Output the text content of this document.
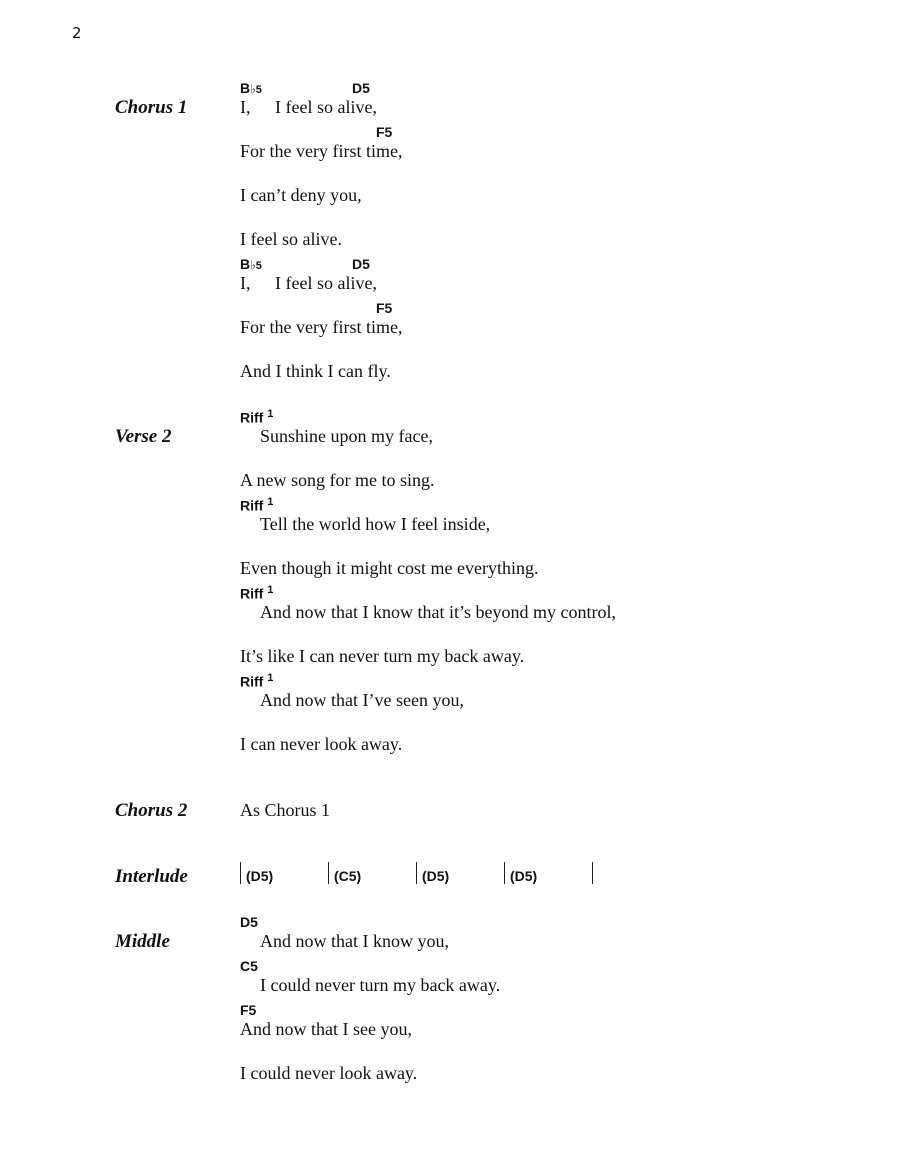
2
Chorus 1
Verse 2
Chorus 2
Interlude
Middle
B♭5	D5
I, I feel so alive,
F5
For the very first time,
I can’t deny you,
I feel so alive.
B♭5	D5
I, I feel so alive,
F5
For the very first time,
And I think I can fly.
Riff $^1$
Sunshine upon my face,
A new song for me to sing.
Riff $^1$
Tell the world how I feel inside,
Even though it might cost me everything.
Riff $^1$
And now that I know that it’s beyond my control,
It’s like I can never turn my back away.
Riff $^1$
And now that I’ve seen you,
I can never look away.
As Chorus 1
(D5)	(C5)	(D5)	(D5)
D5
And now that I know you,
C5
I could never turn my back away.
F5
And now that I see you,
I could never look away.
